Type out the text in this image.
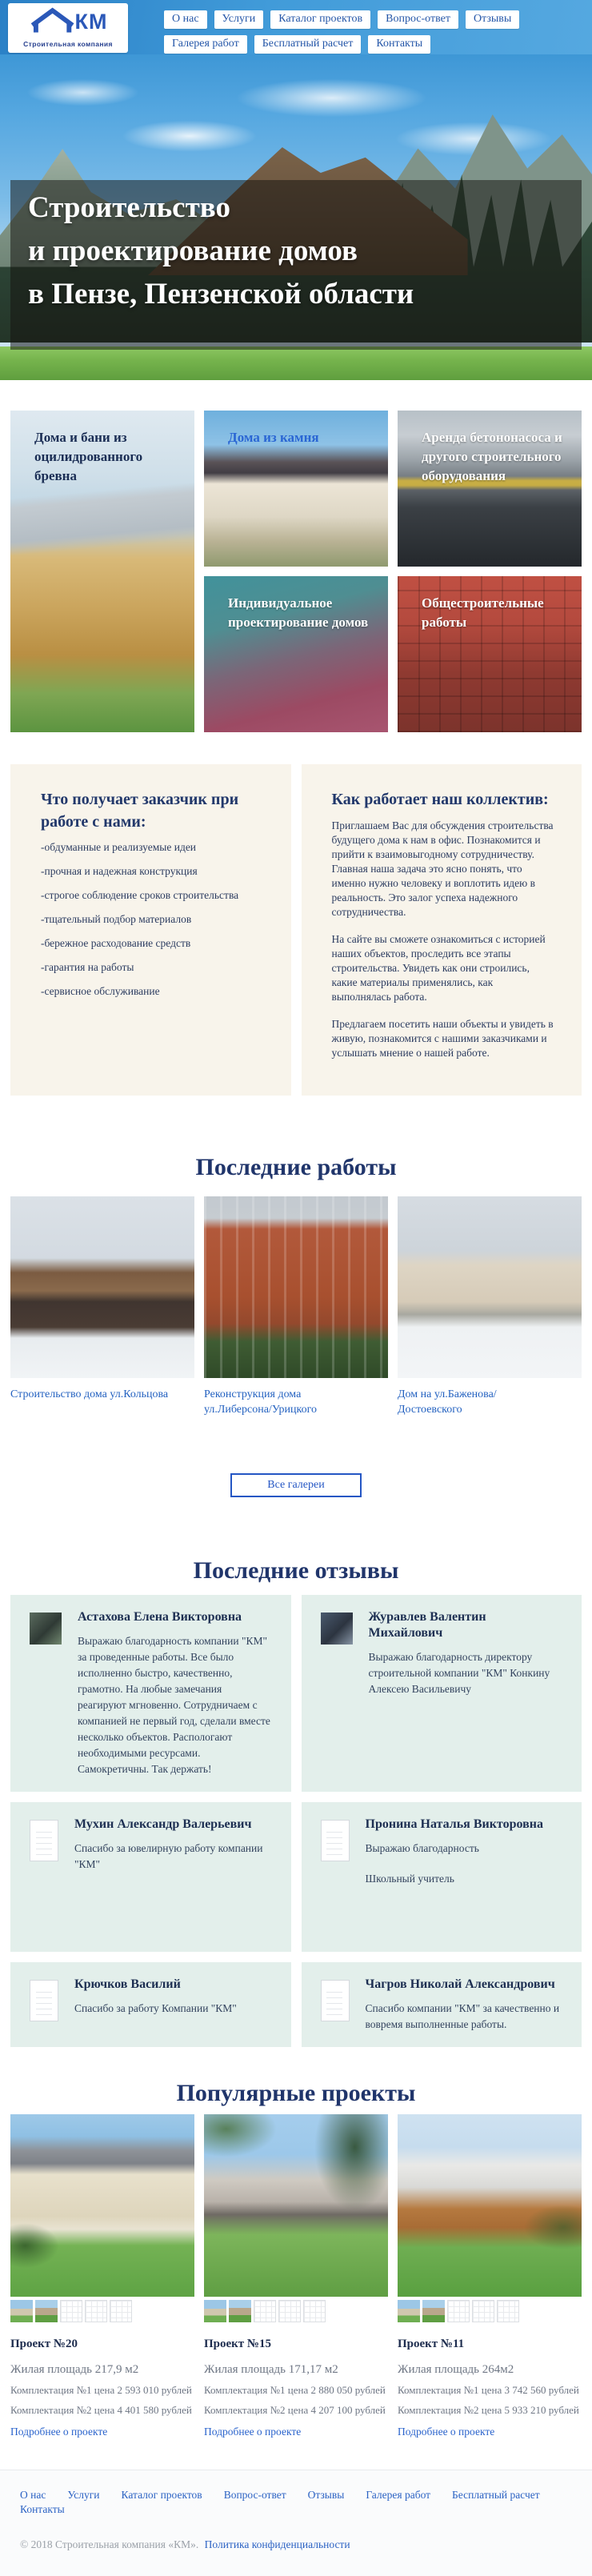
КМ
Строительная компания
О нас	Услуги	Каталог проектов	Вопрос-ответ	Отзывы
Галерея работ	Бесплатный расчет	Контакты
Строительство
и проектирование домов
в Пензе, Пензенской области
Дома и бани из оцилидрованного бревна
Дома из камня	Аренда бетононасоса и другого строительного оборудования
Индивидуальное проектирование домов
Общестроительные работы
Что получает заказчик при работе с нами:

-обдуманные и реализуемые идеи

-прочная и надежная конструкция

-строгое соблюдение сроков строительства

-тщательный подбор материалов

-бережное расходование средств

-гарантия на работы

-сервисное обслуживание

Как работает наш коллектив:

Приглашаем Вас для обсуждения строительства будущего дома к нам в офис. Познакомится и прийти к взаимовыгодному сотрудничеству. Главная наша задача это ясно понять, что именно нужно человеку и воплотить идею в реальность. Это залог успеха надежного сотрудничества.

На сайте вы сможете ознакомиться с историей наших объектов, проследить все этапы строительства. Увидеть как они строились, какие материалы применялись, как выполнялась работа.

Предлагаем посетить наши объекты и увидеть в живую, познакомится с нашими заказчиками и услышать мнение о нашей работе.

Последние работы
Строительство дома ул.Кольцова	Реконструкция дома ул.Либерсона/Урицкого
Дом на ул.Баженова/Достоевского
Все галереи
Последние отзывы
Астахова Елена Викторовна

Выражаю благодарность компании "КМ" за проведенные работы. Все было исполненно быстро, качественно, грамотно. На любые замечания реагируют мгновенно. Сотрудничаем с компанией не первый год, сделали вместе несколько объектов. Распологают необходимыми ресурсами. Самокретичны. Так держать!

Журавлев Валентин Михайлович

Выражаю благодарность директору строительной компании "КМ" Конкину Алексею Васильевичу

Мухин Александр Валерьевич

Спасибо за ювелирную работу компании "КМ"

Пронина Наталья Викторовна

Выражаю благодарность

Школьный учитель

Крючков Василий

Спасибо за работу Компании "КМ"

Чагров Николай Александрович

Спасибо компании "КМ" за качественно и вовремя выполненные работы.

Популярные проекты
Проект №20

Жилая площадь 217,9 м2

Комплектация №1 цена 2 593 010 рублей

Комплектация №2 цена 4 401 580 рублей

Подробнее о проекте
Проект №15

Жилая площадь 171,17 м2

Комплектация №1 цена 2 880 050 рублей

Комплектация №2 цена 4 207 100 рублей

Подробнее о проекте
Проект №11

Жилая площадь 264м2

Комплектация №1 цена 3 742 560 рублей

Комплектация №2 цена 5 933 210 рублей

Подробнее о проекте
О нас Услуги Каталог проектов Вопрос-ответ Отзывы Галерея работ Бесплатный расчет
Контакты

© 2018 Строительная компания «КМ». Политика конфиденциальности
